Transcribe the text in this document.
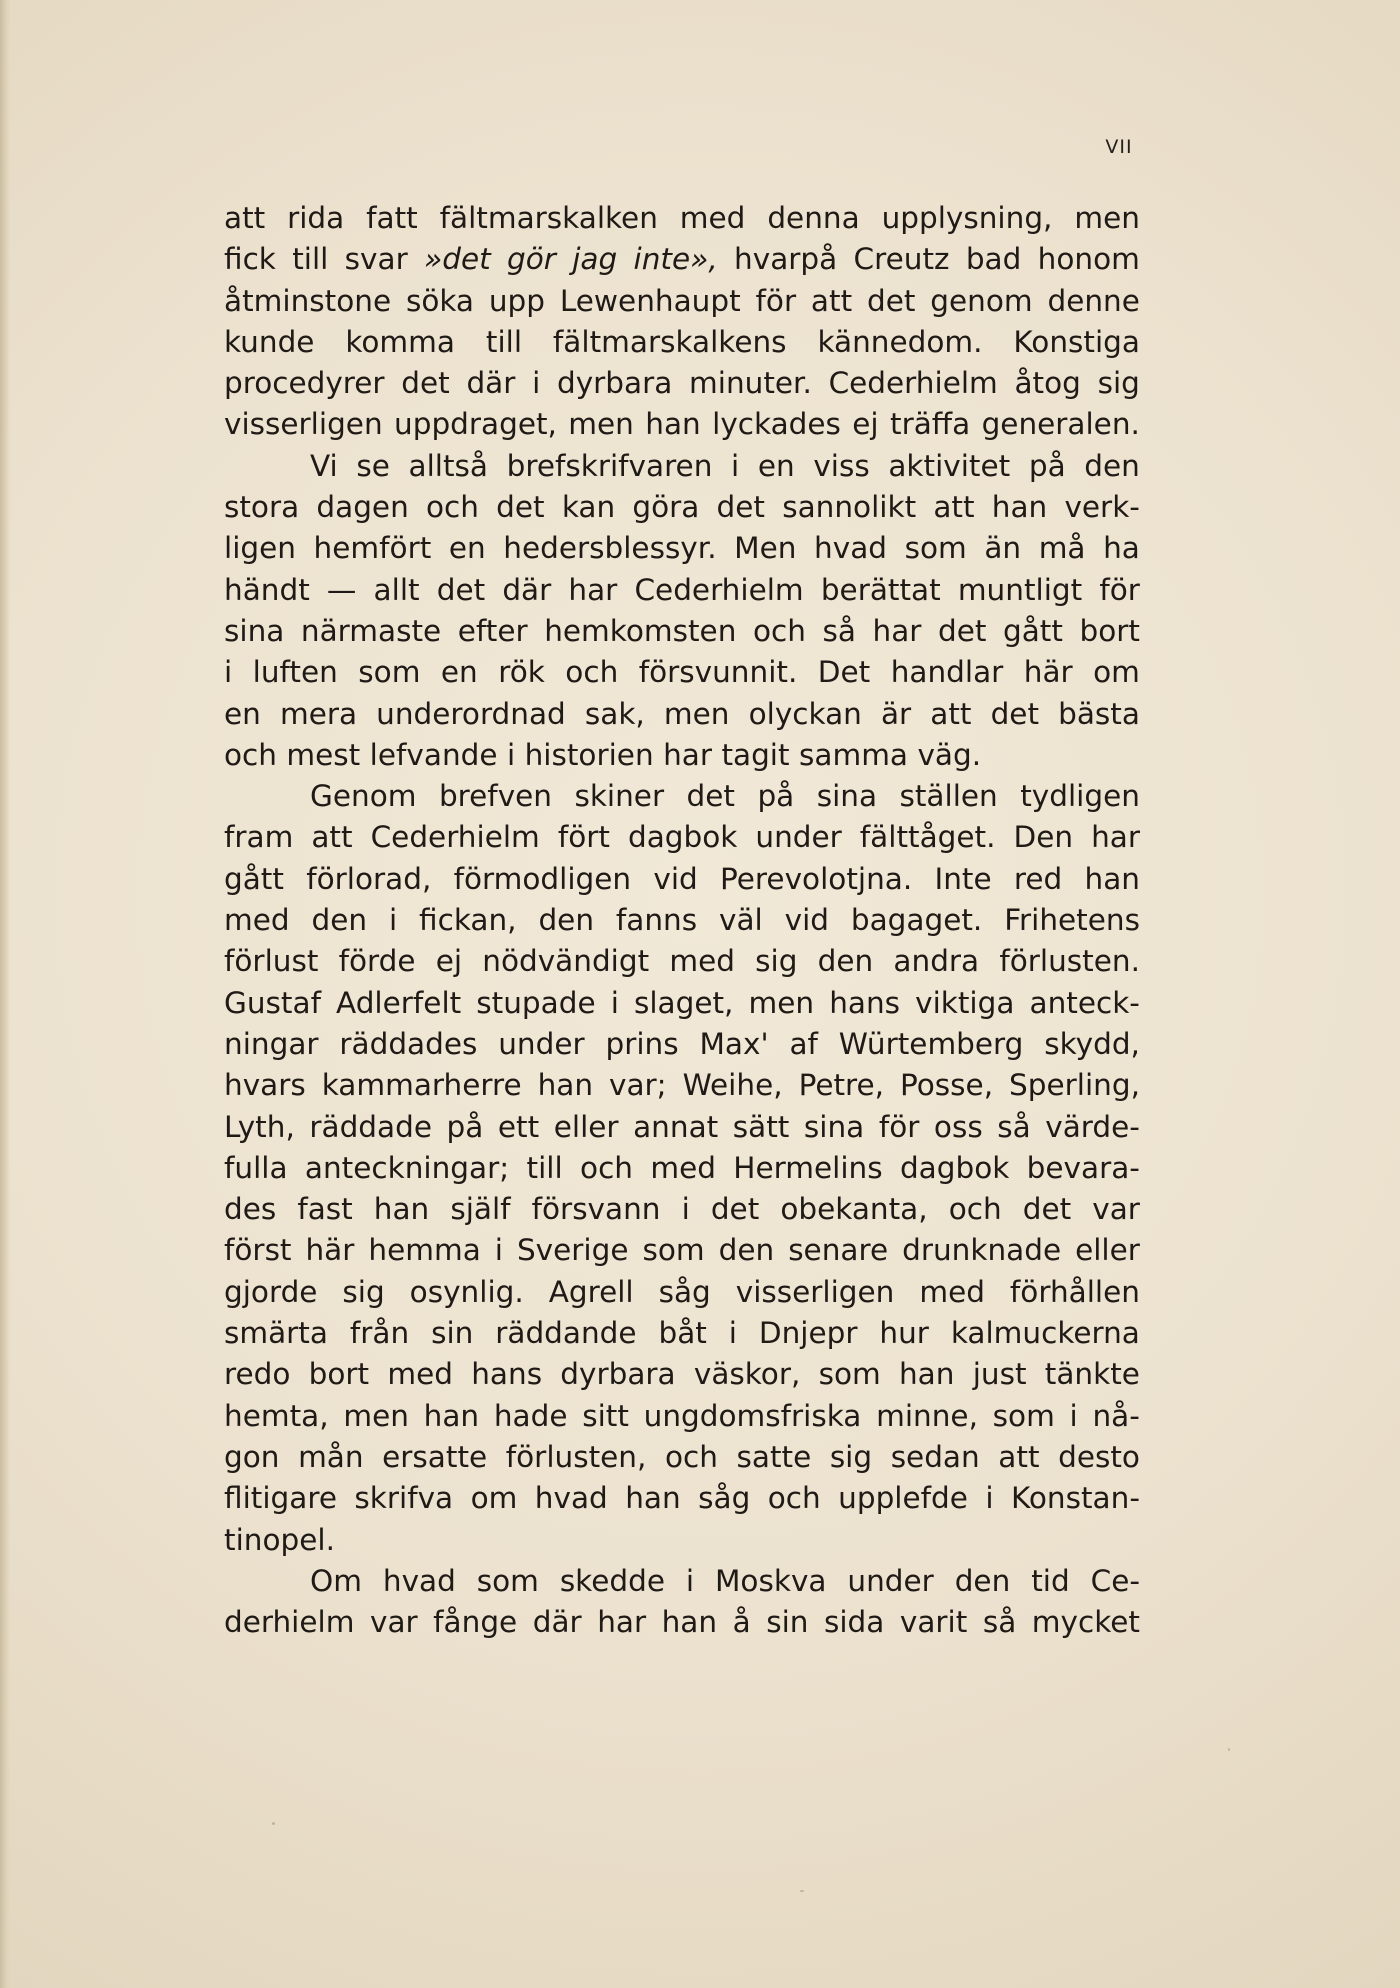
VII
att rida fatt fältmarskalken med denna upplysning, men
fick till svar »det gör jag inte», hvarpå Creutz bad honom
åtminstone söka upp Lewenhaupt för att det genom denne
kunde komma till fältmarskalkens kännedom. Konstiga
procedyrer det där i dyrbara minuter. Cederhielm åtog sig
visserligen uppdraget, men han lyckades ej träffa generalen.
Vi se alltså brefskrifvaren i en viss aktivitet på den
stora dagen och det kan göra det sannolikt att han verk-
ligen hemfört en hedersblessyr. Men hvad som än må ha
händt — allt det där har Cederhielm berättat muntligt för
sina närmaste efter hemkomsten och så har det gått bort
i luften som en rök och försvunnit. Det handlar här om
en mera underordnad sak, men olyckan är att det bästa
och mest lefvande i historien har tagit samma väg.
Genom brefven skiner det på sina ställen tydligen
fram att Cederhielm fört dagbok under fälttåget. Den har
gått förlorad, förmodligen vid Perevolotjna. Inte red han
med den i fickan, den fanns väl vid bagaget. Frihetens
förlust förde ej nödvändigt med sig den andra förlusten.
Gustaf Adlerfelt stupade i slaget, men hans viktiga anteck-
ningar räddades under prins Max' af Würtemberg skydd,
hvars kammarherre han var; Weihe, Petre, Posse, Sperling,
Lyth, räddade på ett eller annat sätt sina för oss så värde-
fulla anteckningar; till och med Hermelins dagbok bevara-
des fast han själf försvann i det obekanta, och det var
först här hemma i Sverige som den senare drunknade eller
gjorde sig osynlig. Agrell såg visserligen med förhållen
smärta från sin räddande båt i Dnjepr hur kalmuckerna
redo bort med hans dyrbara väskor, som han just tänkte
hemta, men han hade sitt ungdomsfriska minne, som i nå-
gon mån ersatte förlusten, och satte sig sedan att desto
flitigare skrifva om hvad han såg och upplefde i Konstan-
tinopel.
Om hvad som skedde i Moskva under den tid Ce-
derhielm var fånge där har han å sin sida varit så mycket
